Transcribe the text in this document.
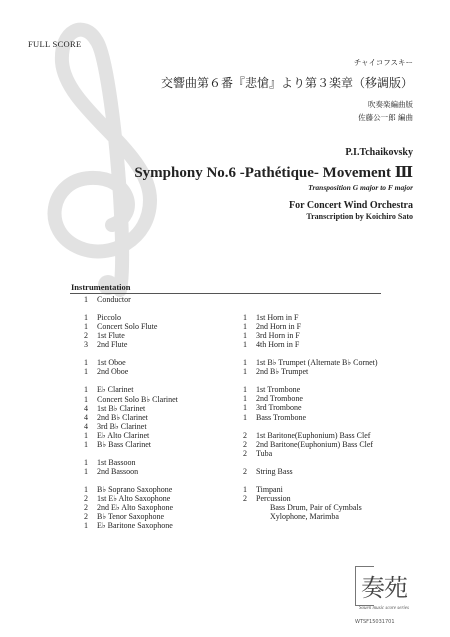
FULL SCORE
チャイコフスキー
交響曲第６番『悲愴』より第３楽章（移調版）
吹奏楽編曲版
佐藤公一郎 編曲
P.I.Tchaikovsky
Symphony No.6 -Pathétique- Movement Ⅲ
Transposition G major to F major
For Concert Wind Orchestra
Transcription by Koichiro Sato
Instrumentation
1 Conductor
1 Piccolo
1 Concert Solo Flute
2 1st Flute
3 2nd Flute
1 1st Oboe
1 2nd Oboe
1 E♭ Clarinet
1 Concert Solo B♭ Clarinet
4 1st B♭ Clarinet
4 2nd B♭ Clarinet
4 3rd B♭ Clarinet
1 E♭ Alto Clarinet
1 B♭ Bass Clarinet
1 1st Bassoon
1 2nd Bassoon
1 B♭ Soprano Saxophone
2 1st E♭ Alto Saxophone
2 2nd E♭ Alto Saxophone
2 B♭ Tenor Saxophone
1 E♭ Baritone Saxophone
1 1st Horn in F
1 2nd Horn in F
1 3rd Horn in F
1 4th Horn in F
1 1st B♭ Trumpet (Alternate B♭ Cornet)
1 2nd B♭ Trumpet
1 1st Trombone
1 2nd Trombone
1 3rd Trombone
1 Bass Trombone
2 1st Baritone(Euphonium) Bass Clef
2 2nd Baritone(Euphonium) Bass Clef
2 Tuba
2 String Bass
1 Timpani
2 Percussion
Bass Drum, Pair of Cymbals
Xylophone, Marimba
奏苑
Souen music score series
WTSF15031701
